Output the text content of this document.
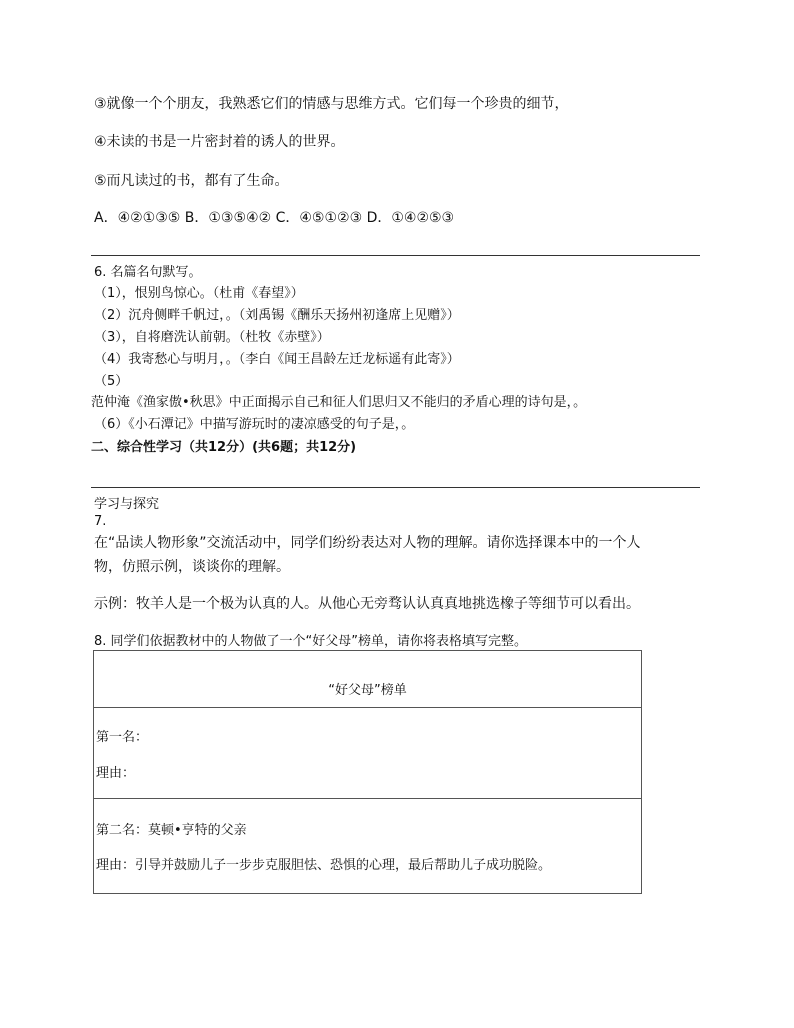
③就像一个个朋友，我熟悉它们的情感与思维方式。它们每一个珍贵的细节，
④未读的书是一片密封着的诱人的世界。
⑤而凡读过的书，都有了生命。
A．④②①③⑤ B．①③⑤④② C．④⑤①②③ D．①④②⑤③
6. 名篇名句默写。
（1），恨别鸟惊心。（杜甫《春望》）
（2）沉舟侧畔千帆过，。（刘禹锡《酬乐天扬州初逢席上见赠》）
（3），自将磨洗认前朝。（杜牧《赤壁》）
（4）我寄愁心与明月，。（李白《闻王昌龄左迁龙标遥有此寄》）
（5）
范仲淹《渔家傲•秋思》中正面揭示自己和征人们思归又不能归的矛盾心理的诗句是，。
（6）《小石潭记》中描写游玩时的凄凉感受的句子是，。
二、综合性学习（共12分）(共6题；共12分)
学习与探究
7.
在“品读人物形象”交流活动中，同学们纷纷表达对人物的理解。请你选择课本中的一个人
物，仿照示例，谈谈你的理解。
示例：牧羊人是一个极为认真的人。从他心无旁骛认认真真地挑选橡子等细节可以看出。
8. 同学们依据教材中的人物做了一个“好父母”榜单，请你将表格填写完整。
“好父母”榜单

第一名：
理由：

第二名：莫顿•亨特的父亲
理由：引导并鼓励儿子一步步克服胆怯、恐惧的心理，最后帮助儿子成功脱险。
